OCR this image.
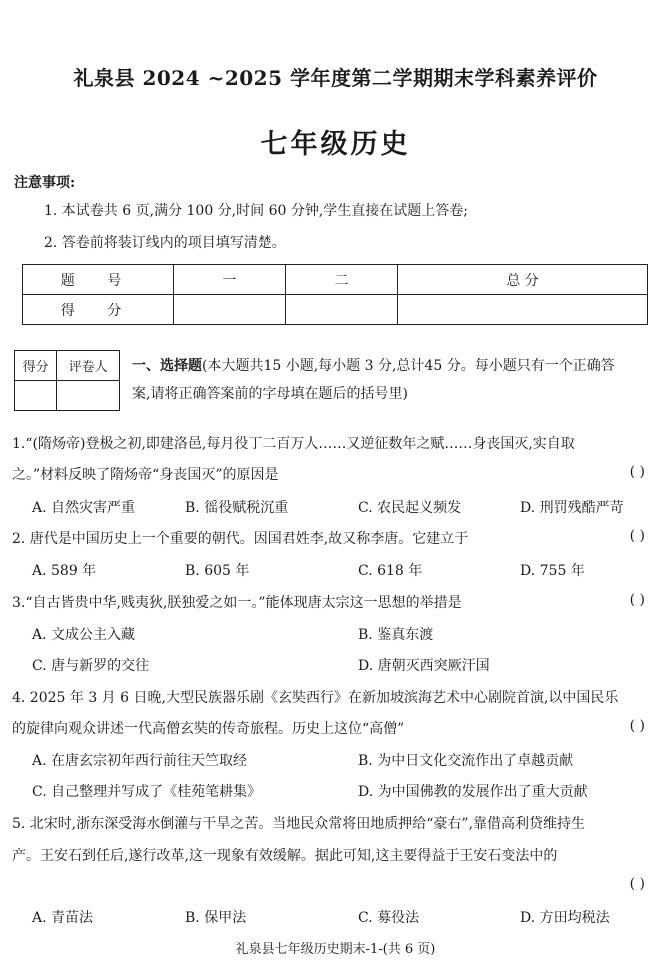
礼泉县 2024 ~2025 学年度第二学期期末学科素养评价
七年级历史
注意事项:
1. 本试卷共 6 页,满分 100 分,时间 60 分钟,学生直接在试题上答卷;
2. 答卷前将装订线内的项目填写清楚。
题 号	一	二	总 分
得 分			
得分	评卷人
	一、选择题(本大题共15 小题,每小题 3 分,总计45 分。每小题只有一个正确答
案,请将正确答案前的字母填在题后的括号里)
1.“(隋炀帝)登极之初,即建洛邑,每月役丁二百万人……又逆征数年之赋……身丧国灭,实自取
之。”材料反映了隋炀帝“身丧国灭”的原因是	( )
A. 自然灾害严重	B. 徭役赋税沉重	C. 农民起义频发	D. 刑罚残酷严苛
2. 唐代是中国历史上一个重要的朝代。因国君姓李,故又称李唐。它建立于	( )
A. 589 年	B. 605 年	C. 618 年	D. 755 年
3.“自古皆贵中华,贱夷狄,朕独爱之如一。”能体现唐太宗这一思想的举措是	( )
A. 文成公主入藏	B. 鉴真东渡
C. 唐与新罗的交往	D. 唐朝灭西突厥汗国
4. 2025 年 3 月 6 日晚,大型民族器乐剧《玄奘西行》在新加坡滨海艺术中心剧院首演,以中国民乐
的旋律向观众讲述一代高僧玄奘的传奇旅程。历史上这位“高僧”	( )
A. 在唐玄宗初年西行前往天竺取经	B. 为中日文化交流作出了卓越贡献
C. 自己整理并写成了《桂苑笔耕集》	D. 为中国佛教的发展作出了重大贡献
5. 北宋时,浙东深受海水倒灌与干旱之苦。当地民众常将田地质押给“豪右”,靠借高利贷维持生
产。王安石到任后,遂行改革,这一现象有效缓解。据此可知,这主要得益于王安石变法中的
( )
A. 青苗法	B. 保甲法	C. 募役法	D. 方田均税法
礼泉县七年级历史期末-1-(共 6 页)
